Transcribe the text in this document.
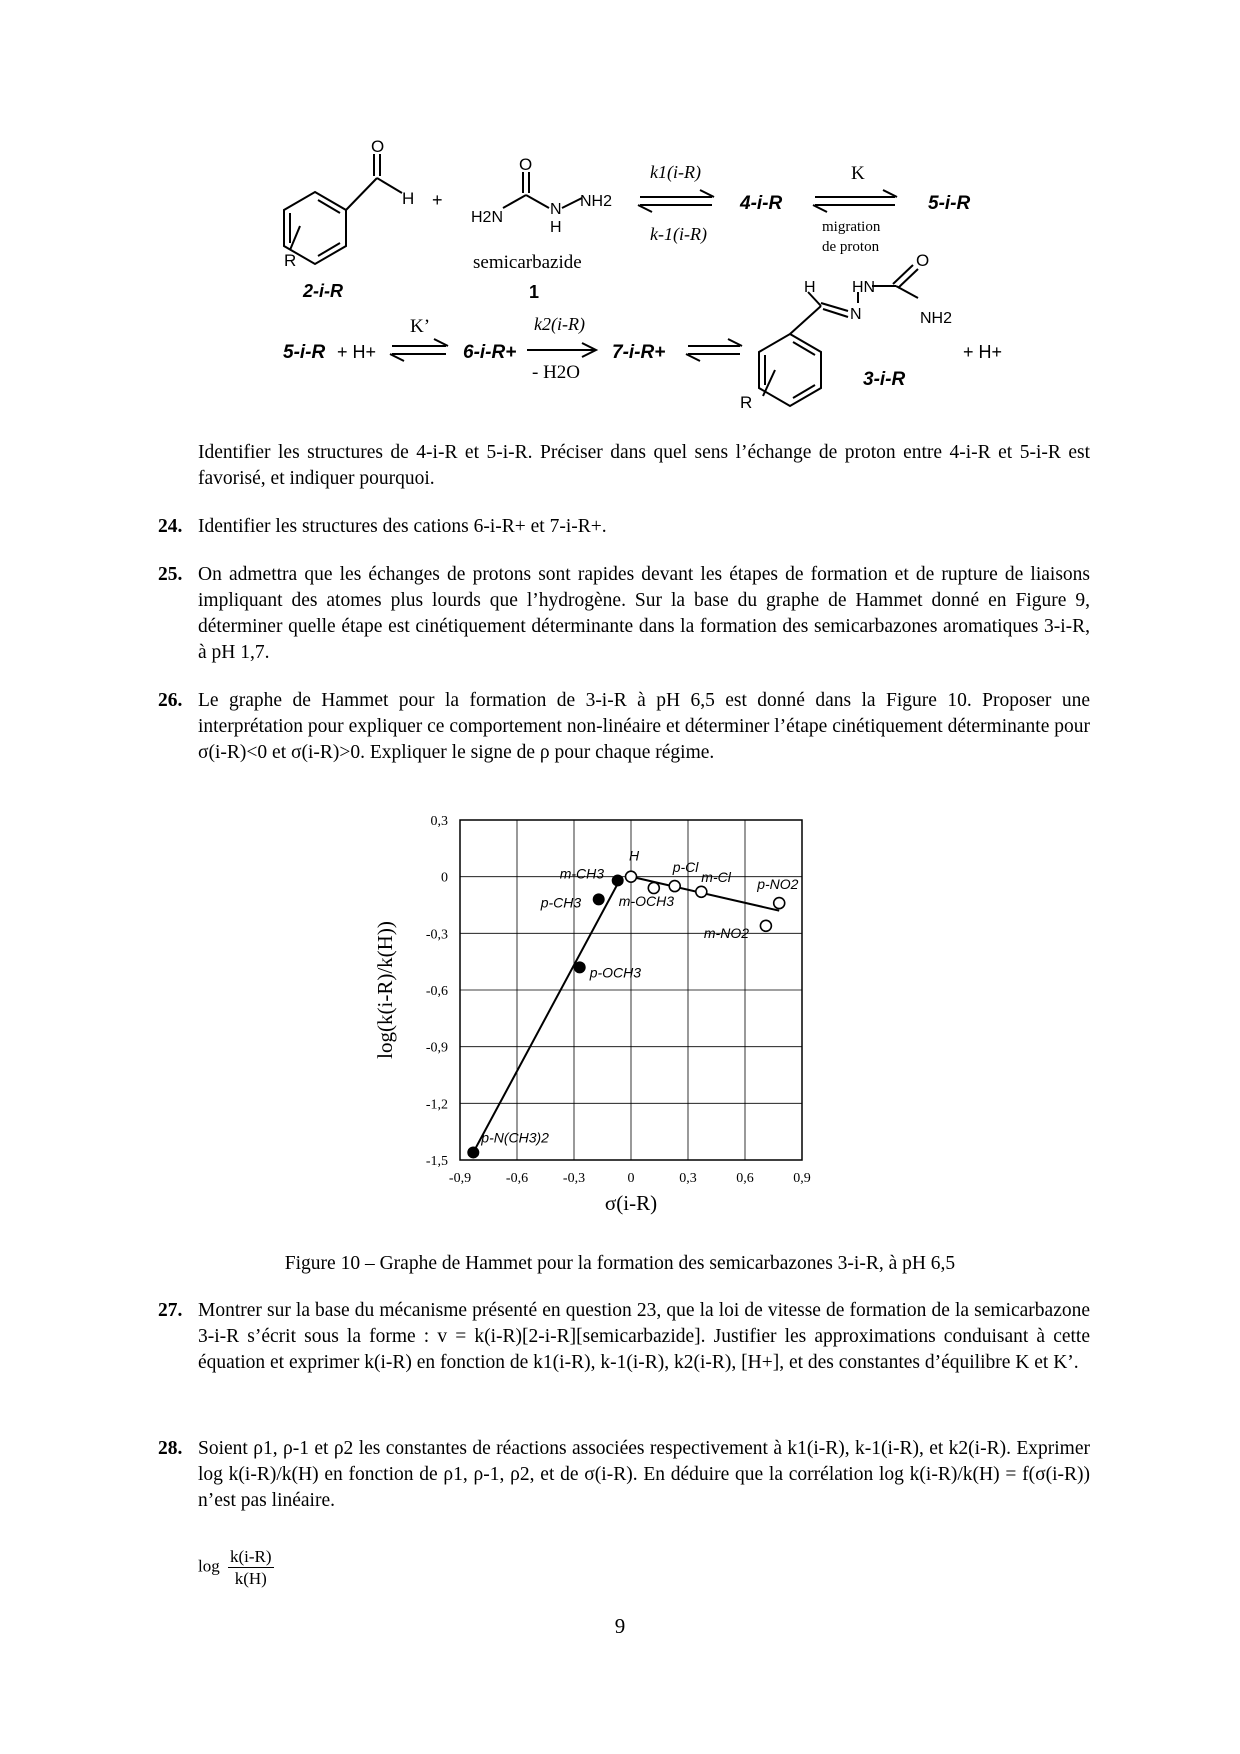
O
H
R
2-i-R
+
O
H2N	N
H
NH2
semicarbazide
1
k1(i-R)
k-1(i-R)
4-i-R
K
migration
de proton
5-i-R
5-i-R + H+
K’
6-i-R+
k2(i-R)
- H2O
7-i-R+
H HN
N
O
NH2
R
3-i-R
+ H+
Identifier les structures de 4-i-R et 5-i-R. Préciser dans quel sens l’échange de proton entre 4-i-R et 5-i-R est favorisé, et indiquer pourquoi.
24. Identifier les structures des cations 6-i-R+ et 7-i-R+.
25. On admettra que les échanges de protons sont rapides devant les étapes de formation et de rupture de liaisons impliquant des atomes plus lourds que l’hydrogène. Sur la base du graphe de Hammet donné en Figure 9, déterminer quelle étape est cinétiquement déterminante dans la formation des semicarbazones aromatiques 3-i-R, à pH 1,7.
26. Le graphe de Hammet pour la formation de 3-i-R à pH 6,5 est donné dans la Figure 10. Proposer une interprétation pour expliquer ce comportement non-linéaire et déterminer l’étape cinétiquement déterminante pour σ(i-R)<0 et σ(i-R)>0. Expliquer le signe de ρ pour chaque régime.
-0,9 -0,6 -0,3	0	0,3	0,6	0,9
0,3
0
-0,3
-0,6
-0,9
-1,2
-1,5
σ(i-R)
log(k(i-R)/k(H))
p-N(CH3)2
p-OCH3
p-CH3
m-CH3
H
m-OCH3
p-Cl
m-Cl
m-NO2
p-NO2
Figure 10 – Graphe de Hammet pour la formation des semicarbazones 3-i-R, à pH 6,5
27. Montrer sur la base du mécanisme présenté en question 23, que la loi de vitesse de formation de la semicarbazone 3-i-R s’écrit sous la forme : v = k(i-R)[2-i-R][semicarbazide]. Justifier les approximations conduisant à cette équation et exprimer k(i-R) en fonction de k1(i-R), k-1(i-R), k2(i-R), [H+], et des constantes d’équilibre K et K’.
28. Soient ρ1, ρ-1 et ρ2 les constantes de réactions associées respectivement à k1(i-R), k-1(i-R), et k2(i-R). Exprimer log k(i-R)/k(H) en fonction de ρ1, ρ-1, ρ2, et de σ(i-R). En déduire que la corrélation log k(i-R)/k(H) = f(σ(i-R)) n’est pas linéaire.
$\log \frac{k(i-R)}{k(H)}$
9
